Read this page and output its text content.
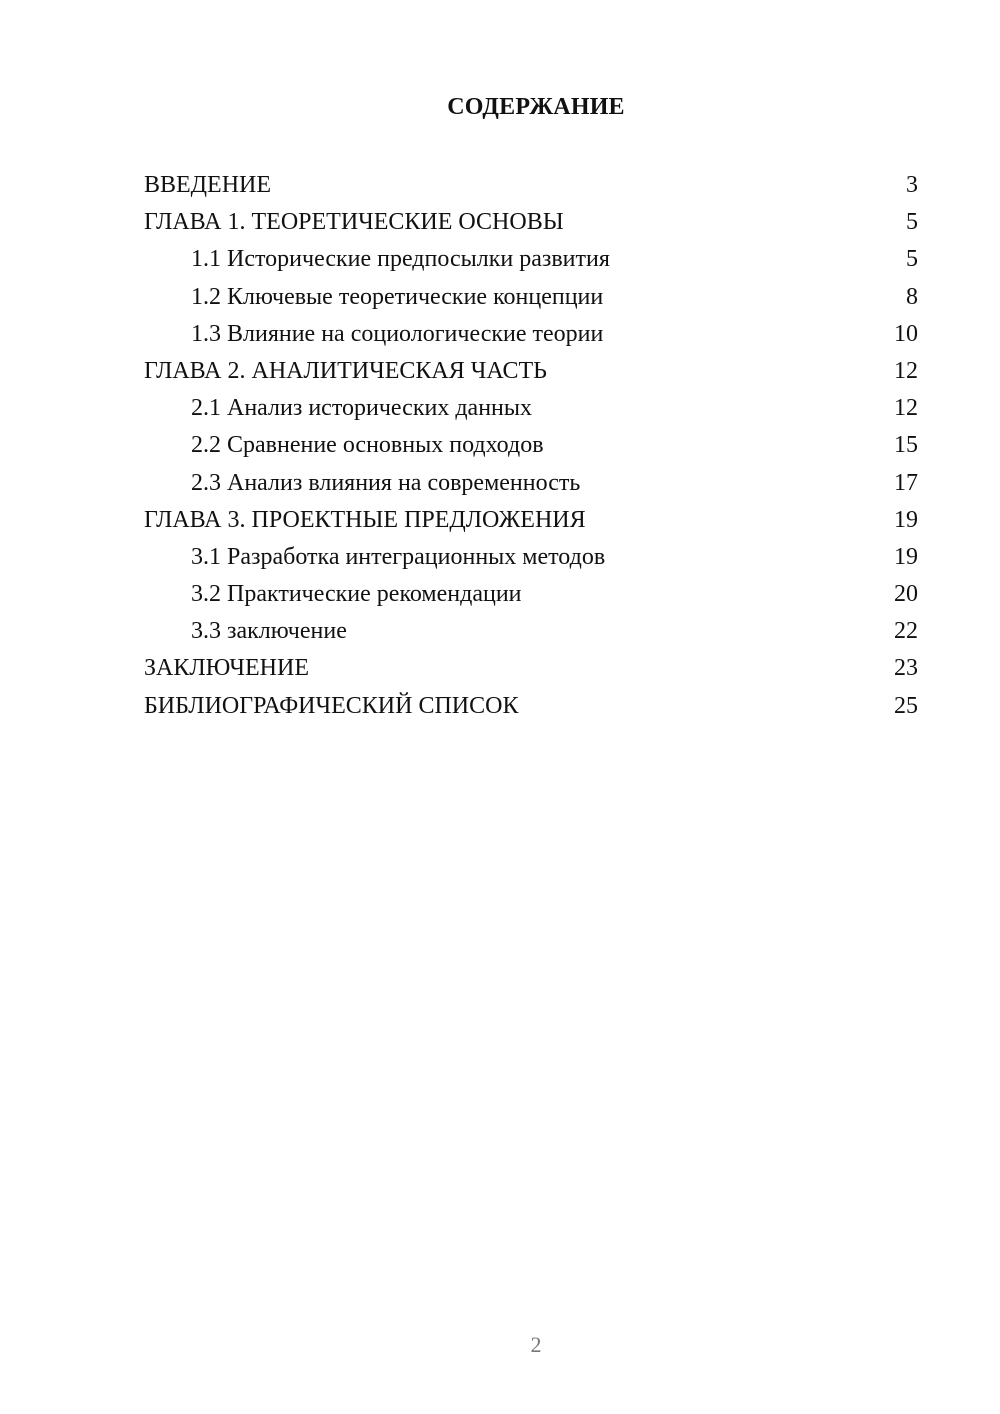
СОДЕРЖАНИЕ
ВВЕДЕНИЕ	3
ГЛАВА 1. ТЕОРЕТИЧЕСКИЕ ОСНОВЫ	5
1.1 Исторические предпосылки развития	5
1.2 Ключевые теоретические концепции	8
1.3 Влияние на социологические теории	10
ГЛАВА 2. АНАЛИТИЧЕСКАЯ ЧАСТЬ	12
2.1 Анализ исторических данных	12
2.2 Сравнение основных подходов	15
2.3 Анализ влияния на современность	17
ГЛАВА 3. ПРОЕКТНЫЕ ПРЕДЛОЖЕНИЯ	19
3.1 Разработка интеграционных методов	19
3.2 Практические рекомендации	20
3.3 заключение	22
ЗАКЛЮЧЕНИЕ	23
БИБЛИОГРАФИЧЕСКИЙ СПИСОК	25
2
